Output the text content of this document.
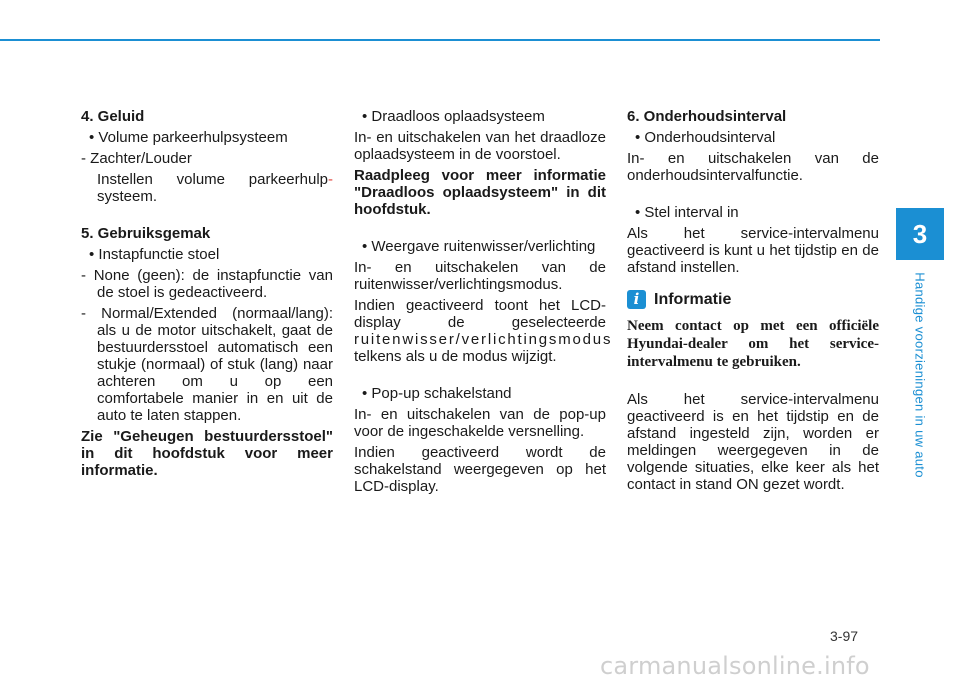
3
Handige voorzieningen in uw auto

4. Geluid

• Volume parkeerhulpsysteem

- Zachter/Louder

Instellen volume parkeerhulp-

systeem.

5. Gebruiksgemak

• Instapfunctie stoel

- None (geen): de instapfunctie van de stoel is gedeactiveerd.

- Normal/Extended (normaal/lang): als u de motor uitschakelt, gaat de bestuurdersstoel automatisch een stukje (normaal) of stuk (lang) naar achteren om u op een comfortabele manier in en uit de auto te laten stappen.

Zie "Geheugen bestuurdersstoel" in dit hoofdstuk voor meer informatie.

• Draadloos oplaadsysteem

In- en uitschakelen van het draadloze oplaadsysteem in de voorstoel.

Raadpleeg voor meer informatie "Draadloos oplaadsysteem" in dit hoofdstuk.

• Weergave ruitenwisser/verlichting

In- en uitschakelen van de ruitenwisser/verlichtingsmodus.

Indien geactiveerd toont het LCD-display de geselecteerde

ruitenwisser/verlichtingsmodus

telkens als u de modus wijzigt.

• Pop-up schakelstand

In- en uitschakelen van de pop-up voor de ingeschakelde versnelling.

Indien geactiveerd wordt de schakelstand weergegeven op het LCD-display.

6. Onderhoudsinterval

• Onderhoudsinterval

In- en uitschakelen van de onderhoudsintervalfunctie.

• Stel interval in

Als het service-intervalmenu geactiveerd is kunt u het tijdstip en de afstand instellen.

i Informatie

Neem contact op met een officiële Hyundai-dealer om het service-intervalmenu te gebruiken.

Als het service-intervalmenu geactiveerd is en het tijdstip en de afstand ingesteld zijn, worden er meldingen weergegeven in de volgende situaties, elke keer als het contact in stand ON gezet wordt.

3-97
carmanualsonline.info
